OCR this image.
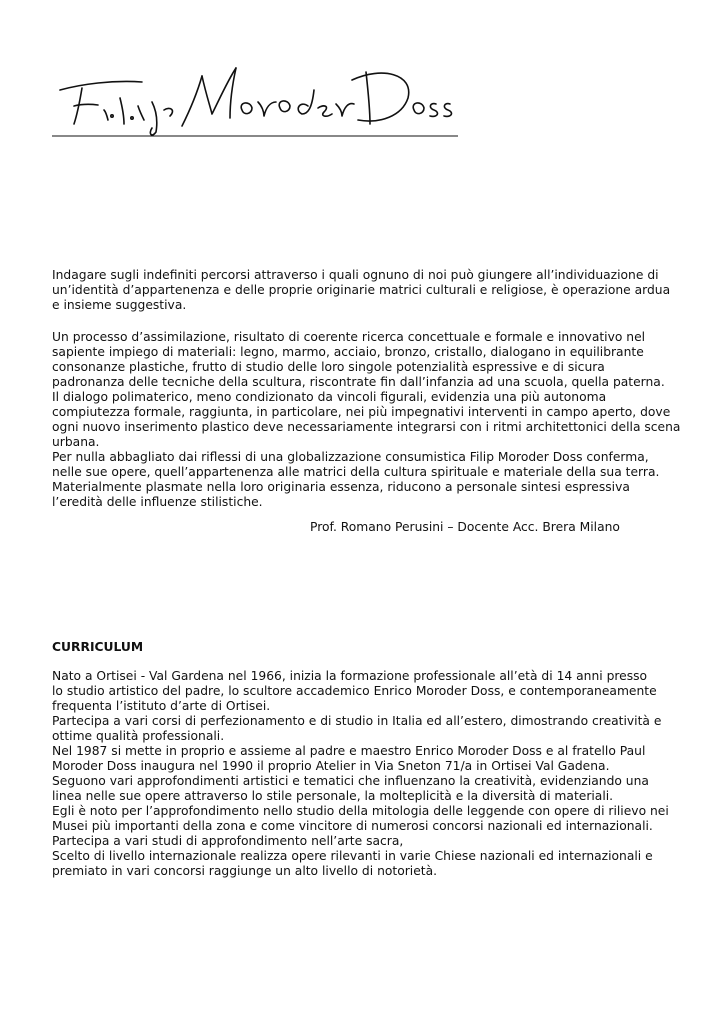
Indagare sugli indefiniti percorsi attraverso i quali ognuno di noi può giungere all’individuazione di
un’identità d’appartenenza e delle proprie originarie matrici culturali e religiose, è operazione ardua
e insieme suggestiva.
Un processo d’assimilazione, risultato di coerente ricerca concettuale e formale e innovativo nel
sapiente impiego di materiali: legno, marmo, acciaio, bronzo, cristallo, dialogano in equilibrante
consonanze plastiche, frutto di studio delle loro singole potenzialità espressive e di sicura
padronanza delle tecniche della scultura, riscontrate fin dall’infanzia ad una scuola, quella paterna.
Il dialogo polimaterico, meno condizionato da vincoli figurali, evidenzia una più autonoma
compiutezza formale, raggiunta, in particolare, nei più impegnativi interventi in campo aperto, dove
ogni nuovo inserimento plastico deve necessariamente integrarsi con i ritmi architettonici della scena
urbana.
Per nulla abbagliato dai riflessi di una globalizzazione consumistica Filip Moroder Doss conferma,
nelle sue opere, quell’appartenenza alle matrici della cultura spirituale e materiale della sua terra.
Materialmente plasmate nella loro originaria essenza, riducono a personale sintesi espressiva
l’eredità delle influenze stilistiche.
Prof. Romano Perusini – Docente Acc. Brera Milano
CURRICULUM
Nato a Ortisei - Val Gardena nel 1966, inizia la formazione professionale all’età di 14 anni presso
lo studio artistico del padre, lo scultore accademico Enrico Moroder Doss, e contemporaneamente
frequenta l’istituto d’arte di Ortisei.
Partecipa a vari corsi di perfezionamento e di studio in Italia ed all’estero, dimostrando creatività e
ottime qualità professionali.
Nel 1987 si mette in proprio e assieme al padre e maestro Enrico Moroder Doss e al fratello Paul
Moroder Doss inaugura nel 1990 il proprio Atelier in Via Sneton 71/a in Ortisei Val Gadena.
Seguono vari approfondimenti artistici e tematici che influenzano la creatività, evidenziando una
linea nelle sue opere attraverso lo stile personale, la molteplicità e la diversità di materiali.
Egli è noto per l’approfondimento nello studio della mitologia delle leggende con opere di rilievo nei
Musei più importanti della zona e come vincitore di numerosi concorsi nazionali ed internazionali.
Partecipa a vari studi di approfondimento nell’arte sacra,
Scelto di livello internazionale realizza opere rilevanti in varie Chiese nazionali ed internazionali e
premiato in vari concorsi raggiunge un alto livello di notorietà.
